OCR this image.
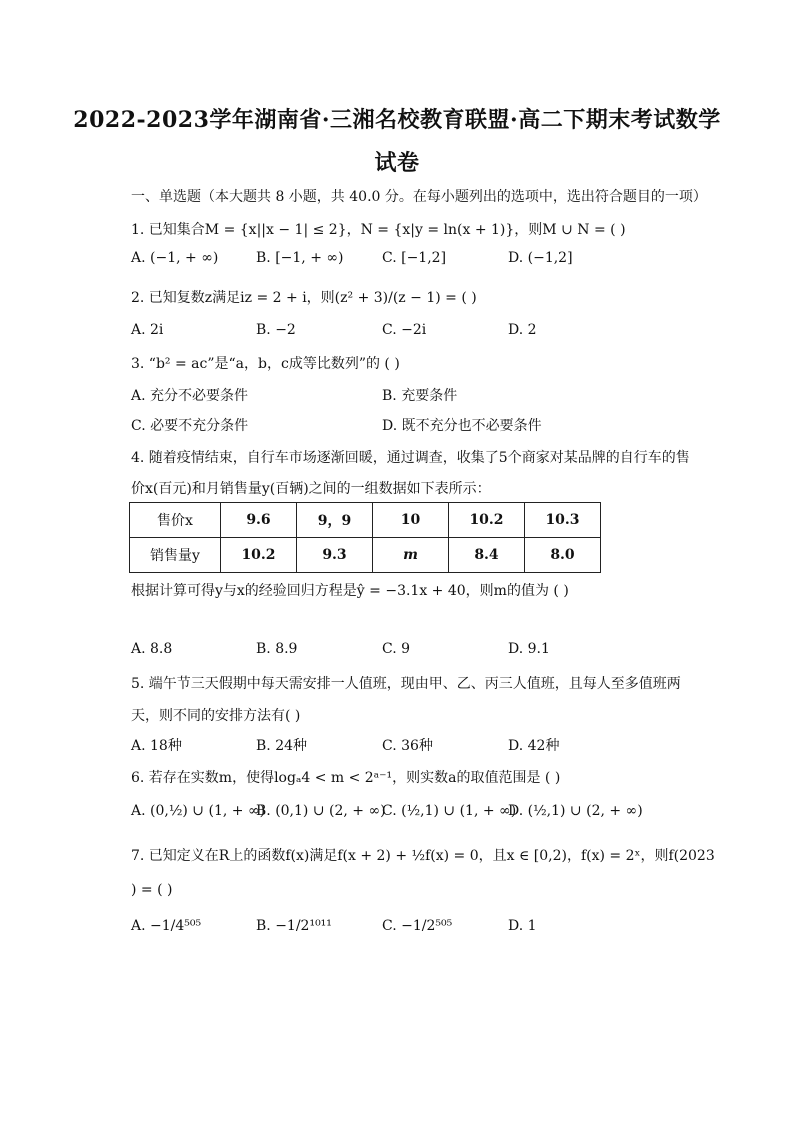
2022-2023学年湖南省·三湘名校教育联盟·高二下期末考试数学
试卷
一、单选题（本大题共 8 小题，共 40.0 分。在每小题列出的选项中，选出符合题目的一项）
1. 已知集合M = {x||x − 1| ≤ 2}，N = {x|y = ln(x + 1)}，则M ∪ N = ( )
A. (−1, + ∞)	B. [−1, + ∞)	C. [−1,2]	D. (−1,2]
2. 已知复数z满足iz = 2 + i，则(z² + 3)/(z − 1) = ( )
A. 2i	B. −2	C. −2i	D. 2
3. “b² = ac”是“a，b，c成等比数列”的 ( )
A. 充分不必要条件	B. 充要条件
C. 必要不充分条件	D. 既不充分也不必要条件
4. 随着疫情结束，自行车市场逐渐回暖，通过调查，收集了5个商家对某品牌的自行车的售
价x(百元)和月销售量y(百辆)之间的一组数据如下表所示：
售价x	9.6	9，9	10	10.2	10.3
销售量y	10.2	9.3	m	8.4	8.0
根据计算可得y与x的经验回归方程是ŷ = −3.1x + 40，则m的值为 ( )
A. 8.8	B. 8.9	C. 9	D. 9.1
5. 端午节三天假期中每天需安排一人值班，现由甲、乙、丙三人值班，且每人至多值班两
天，则不同的安排方法有( )
A. 18种	B. 24种	C. 36种	D. 42种
6. 若存在实数m，使得logₐ4 < m < 2ᵃ⁻¹，则实数a的取值范围是 ( )
A. (0,½) ∪ (1, + ∞)
B. (0,1) ∪ (2, + ∞)
C. (½,1) ∪ (1, + ∞)
D. (½,1) ∪ (2, + ∞)
7. 已知定义在R上的函数f(x)满足f(x + 2) + ½f(x) = 0，且x ∈ [0,2)，f(x) = 2ˣ，则f(2023
) = ( )
A. −1/4⁵⁰⁵	B. −1/2¹⁰¹¹	C. −1/2⁵⁰⁵	D. 1
